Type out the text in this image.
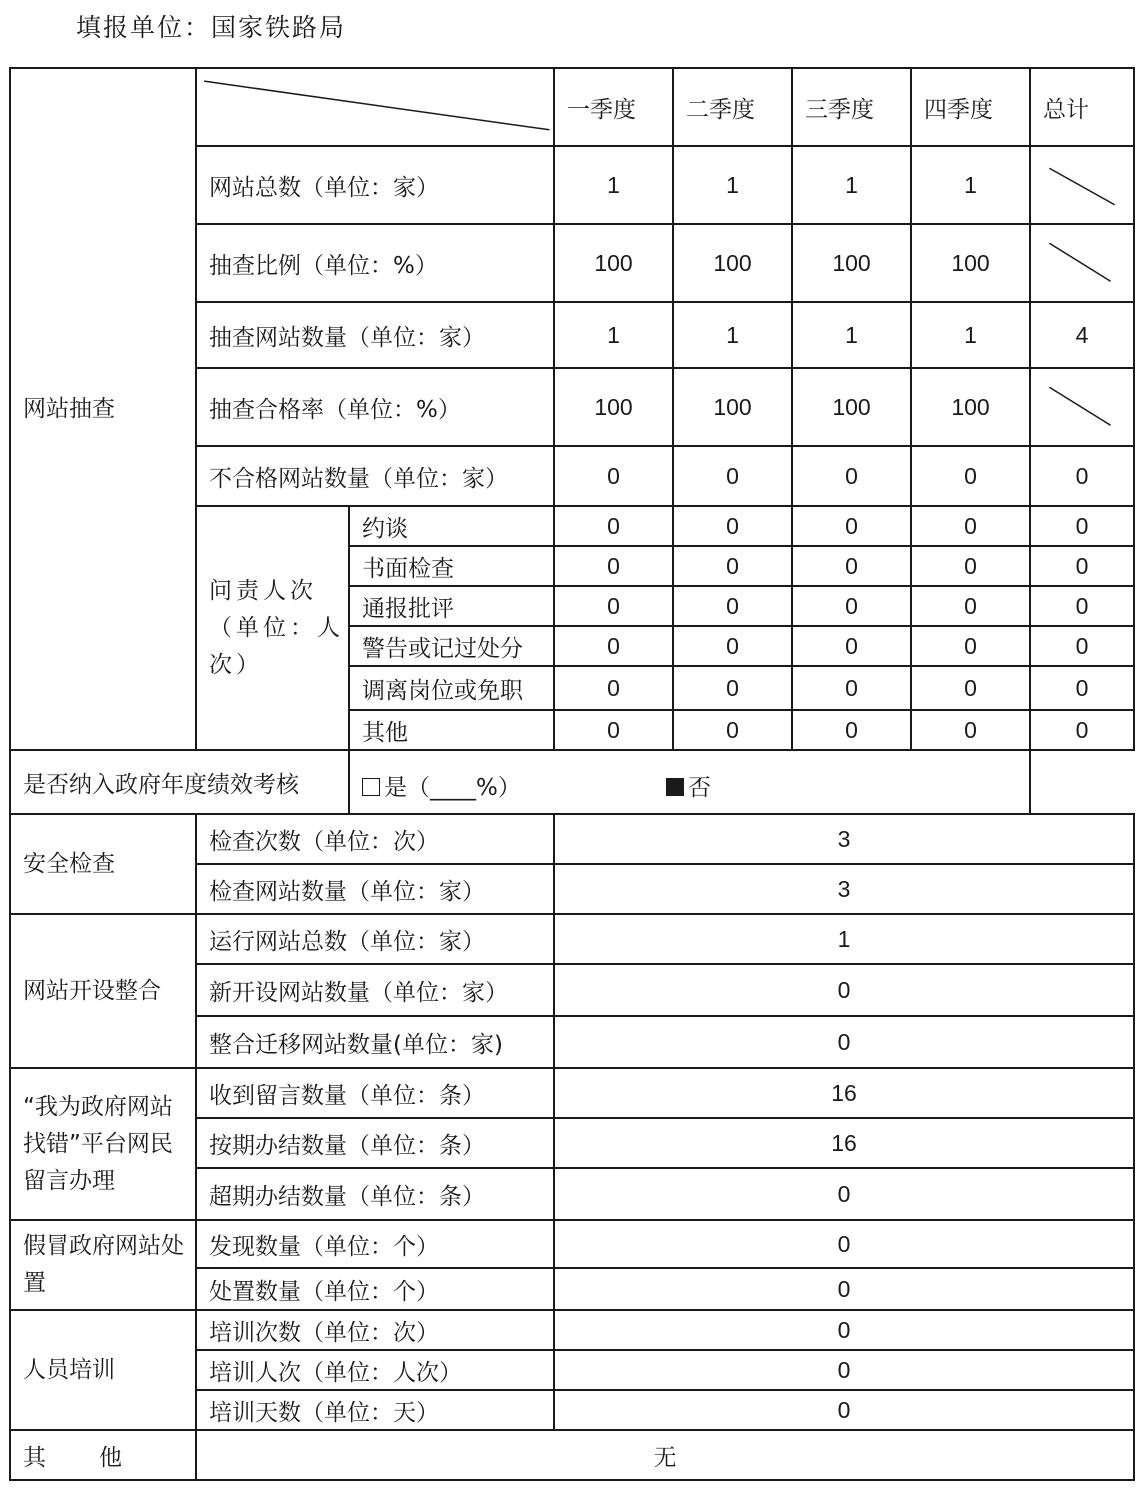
填报单位：国家铁路局
网站抽查			一季度	二季度	三季度	四季度	总计
	网站总数（单位：家）		1	1	1	1	

	抽查比例（单位：%）		100	100	100	100	

	抽查网站数量（单位：家）		1	1	1	1	4
	抽查合格率（单位：%）		100	100	100	100	

	不合格网站数量（单位：家）		0	0	0	0	0
	问责人次（单位：人次）	约谈	0	0	0	0	0
		书面检查	0	0	0	0	0
		通报批评	0	0	0	0	0
		警告或记过处分	0	0	0	0	0
		调离岗位或免职	0	0	0	0	0
		其他	0	0	0	0	0
是否纳入政府年度绩效考核		是（____%） 否					

安全检查	检查次数（单位：次）		3				
	检查网站数量（单位：家）		3				
网站开设整合	运行网站总数（单位：家）		1				
	新开设网站数量（单位：家）		0				
	整合迁移网站数量(单位：家)		0				
“我为政府网站找错”平台网民留言办理	收到留言数量（单位：条）		16				
	按期办结数量（单位：条）		16				
	超期办结数量（单位：条）		0				
假冒政府网站处置	发现数量（单位：个）		0				
	处置数量（单位：个）		0				
人员培训	培训次数（单位：次）		0				
	培训人次（单位：人次）		0				
	培训天数（单位：天）		0				
其 他	无						
